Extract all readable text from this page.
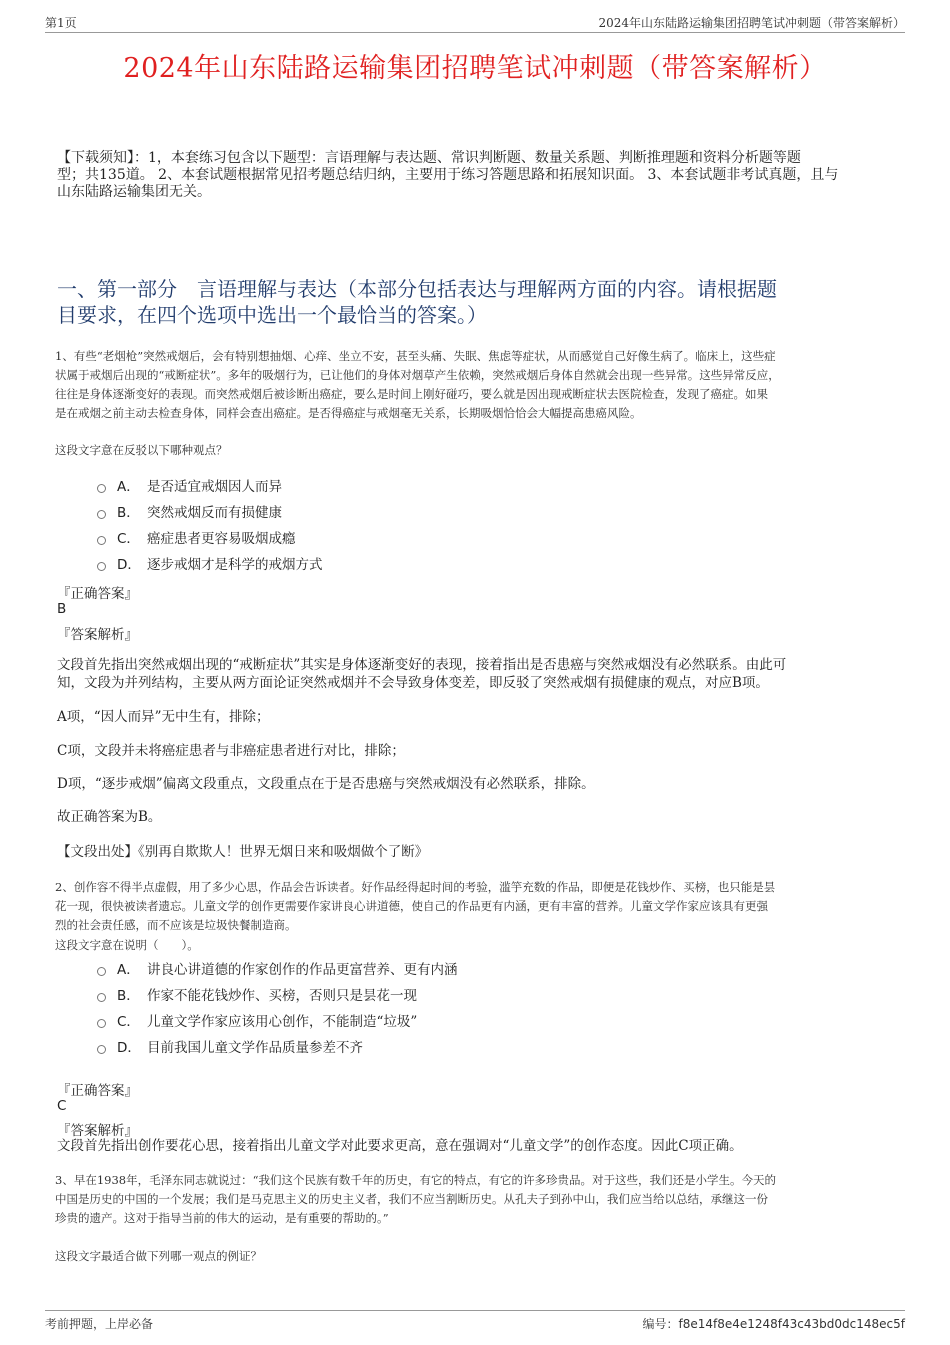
第1页	2024年山东陆路运输集团招聘笔试冲刺题（带答案解析）
2024年山东陆路运输集团招聘笔试冲刺题（带答案解析）
【下载须知】：1，本套练习包含以下题型：言语理解与表达题、常识判断题、数量关系题、判断推理题和资料分析题等题
型；共135道。 2、本套试题根据常见招考题总结归纳，主要用于练习答题思路和拓展知识面。 3、本套试题非考试真题，且与
山东陆路运输集团无关。
一、第一部分　言语理解与表达（本部分包括表达与理解两方面的内容。请根据题
目要求，在四个选项中选出一个最恰当的答案。）
1、有些“老烟枪”突然戒烟后，会有特别想抽烟、心痒、坐立不安，甚至头痛、失眠、焦虑等症状，从而感觉自己好像生病了。临床上，这些症
状属于戒烟后出现的“戒断症状”。多年的吸烟行为，已让他们的身体对烟草产生依赖，突然戒烟后身体自然就会出现一些异常。这些异常反应，
往往是身体逐渐变好的表现。而突然戒烟后被诊断出癌症，要么是时间上刚好碰巧，要么就是因出现戒断症状去医院检查，发现了癌症。如果
是在戒烟之前主动去检查身体，同样会查出癌症。是否得癌症与戒烟毫无关系，长期吸烟恰恰会大幅提高患癌风险。
这段文字意在反驳以下哪种观点？
A． 是否适宜戒烟因人而异
B． 突然戒烟反而有损健康
C． 癌症患者更容易吸烟成瘾
D． 逐步戒烟才是科学的戒烟方式
『正确答案』
B
『答案解析』
文段首先指出突然戒烟出现的“戒断症状”其实是身体逐渐变好的表现，接着指出是否患癌与突然戒烟没有必然联系。由此可
知，文段为并列结构，主要从两方面论证突然戒烟并不会导致身体变差，即反驳了突然戒烟有损健康的观点，对应B项。
A项，“因人而异”无中生有，排除；
C项，文段并未将癌症患者与非癌症患者进行对比，排除；
D项，“逐步戒烟”偏离文段重点，文段重点在于是否患癌与突然戒烟没有必然联系，排除。
故正确答案为B。
【文段出处】《别再自欺欺人！世界无烟日来和吸烟做个了断》
2、创作容不得半点虚假，用了多少心思，作品会告诉读者。好作品经得起时间的考验，滥竽充数的作品，即便是花钱炒作、买榜，也只能是昙
花一现，很快被读者遗忘。儿童文学的创作更需要作家讲良心讲道德，使自己的作品更有内涵，更有丰富的营养。儿童文学作家应该具有更强
烈的社会责任感，而不应该是垃圾快餐制造商。
这段文字意在说明（　　）。
A． 讲良心讲道德的作家创作的作品更富营养、更有内涵
B． 作家不能花钱炒作、买榜，否则只是昙花一现
C． 儿童文学作家应该用心创作，不能制造“垃圾”
D． 目前我国儿童文学作品质量参差不齐
『正确答案』
C
『答案解析』
文段首先指出创作要花心思，接着指出儿童文学对此要求更高，意在强调对“儿童文学”的创作态度。因此C项正确。
3、早在1938年，毛泽东同志就说过：“我们这个民族有数千年的历史，有它的特点，有它的许多珍贵品。对于这些，我们还是小学生。今天的
中国是历史的中国的一个发展；我们是马克思主义的历史主义者，我们不应当割断历史。从孔夫子到孙中山，我们应当给以总结，承继这一份
珍贵的遗产。这对于指导当前的伟大的运动，是有重要的帮助的。”
这段文字最适合做下列哪一观点的例证？
考前押题，上岸必备	编号：f8e14f8e4e1248f43c43bd0dc148ec5f
